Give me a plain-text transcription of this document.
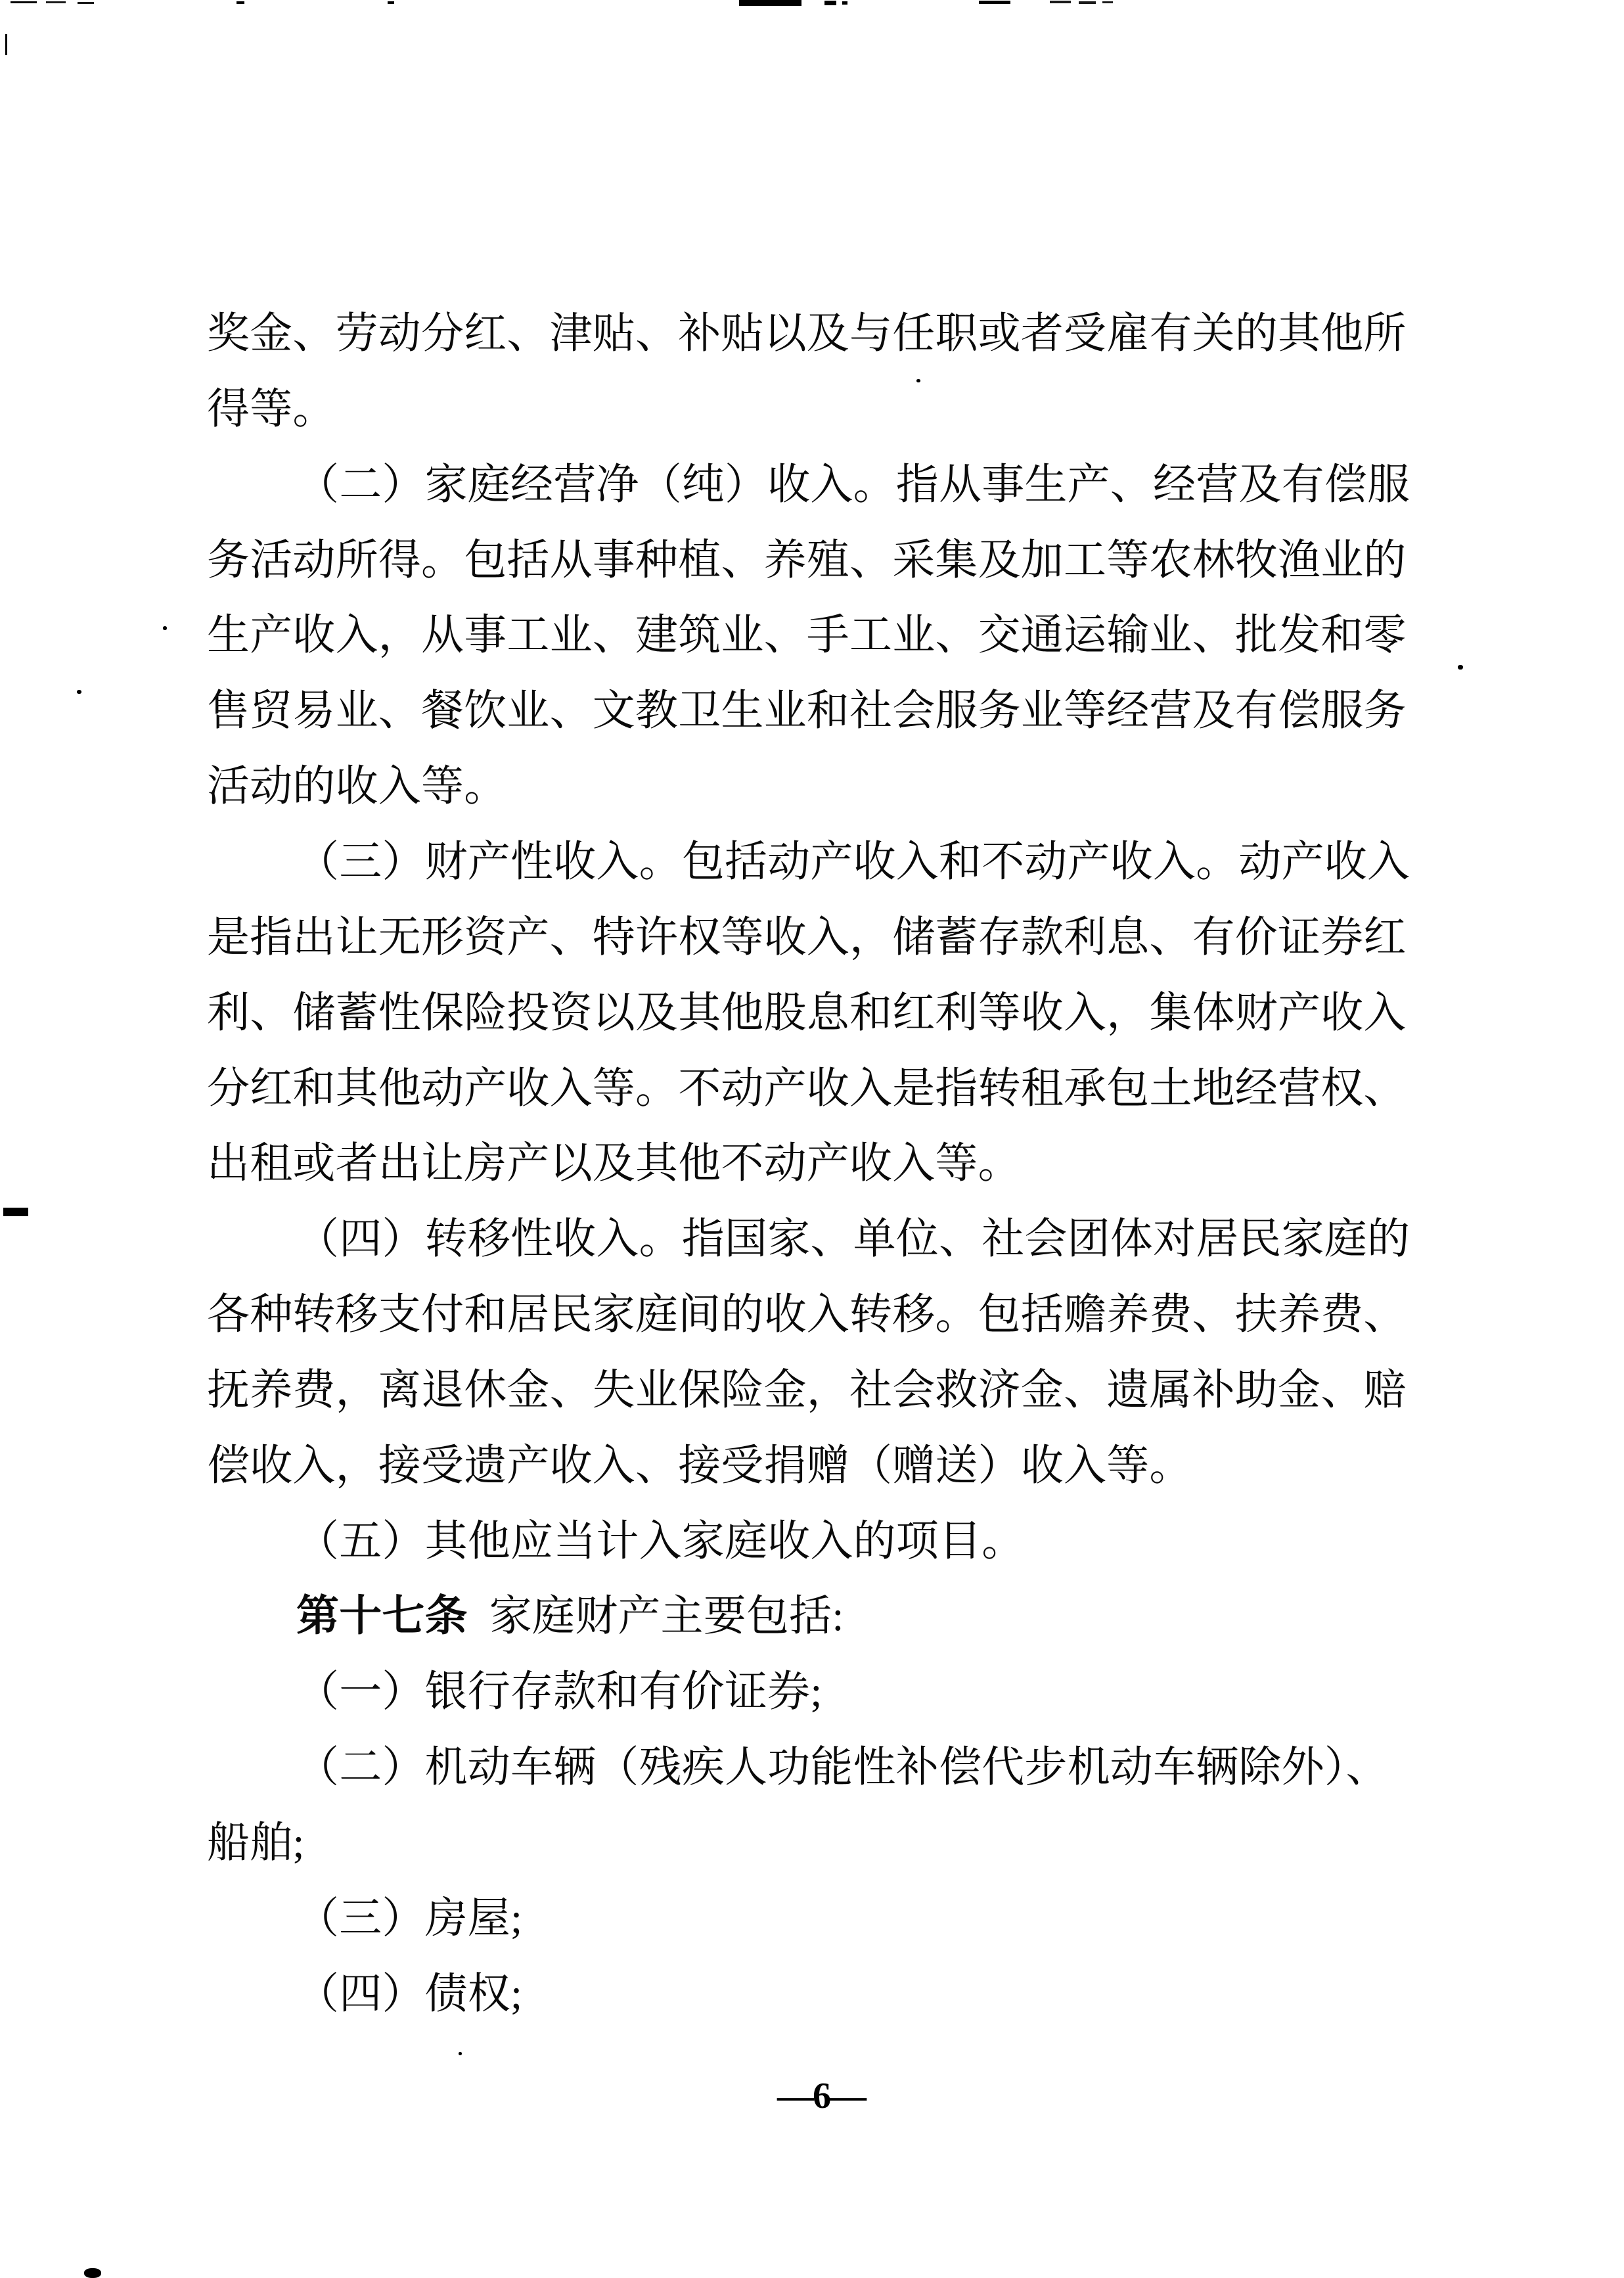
奖金、劳动分红、津贴、补贴以及与任职或者受雇有关的其他所
得等。
（二）家庭经营净（纯）收入。指从事生产、经营及有偿服
务活动所得。包括从事种植、养殖、采集及加工等农林牧渔业的
生产收入，从事工业、建筑业、手工业、交通运输业、批发和零
售贸易业、餐饮业、文教卫生业和社会服务业等经营及有偿服务
活动的收入等。
（三）财产性收入。包括动产收入和不动产收入。动产收入
是指出让无形资产、特许权等收入，储蓄存款利息、有价证券红
利、储蓄性保险投资以及其他股息和红利等收入，集体财产收入
分红和其他动产收入等。不动产收入是指转租承包土地经营权、
出租或者出让房产以及其他不动产收入等。
（四）转移性收入。指国家、单位、社会团体对居民家庭的
各种转移支付和居民家庭间的收入转移。包括赡养费、扶养费、
抚养费，离退休金、失业保险金，社会救济金、遗属补助金、赔
偿收入，接受遗产收入、接受捐赠（赠送）收入等。
（五）其他应当计入家庭收入的项目。
第十七条  家庭财产主要包括:
（一）银行存款和有价证券;
（二）机动车辆（残疾人功能性补偿代步机动车辆除外）、
船舶;
（三）房屋;
（四）债权;
—6—
